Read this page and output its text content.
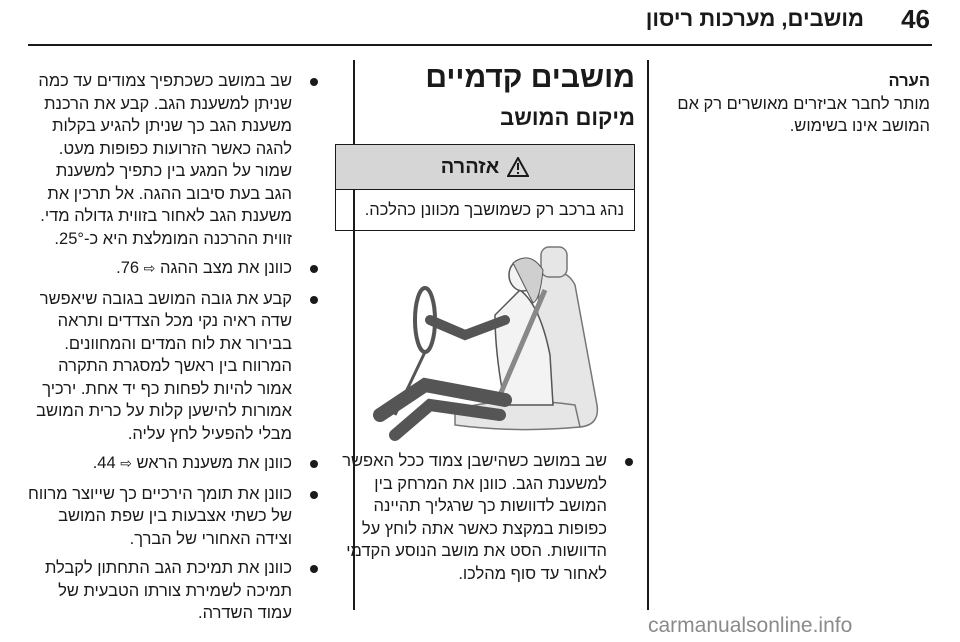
46
מושבים, מערכות ריסון
הערה
מותר לחבר אביזרים מאושרים רק אם המושב אינו בשימוש.
מושבים קדמיים
מיקום המושב
אזהרה
נהג ברכב רק כשמושבך מכוונן כהלכה.
שב במושב כשהישבן צמוד ככל האפשר למשענת הגב. כוונן את המרחק בין המושב לדוושות כך שרגליך תהיינה כפופות במקצת כאשר אתה לוחץ על הדוושות. הסט את מושב הנוסע הקדמי לאחור עד סוף מהלכו.
שב במושב כשכתפיך צמודים עד כמה שניתן למשענת הגב. קבע את הרכנת משענת הגב כך שניתן להגיע בקלות להגה כאשר הזרועות כפופות מעט. שמור על המגע בין כתפיך למשענת הגב בעת סיבוב ההגה. אל תרכין את משענת הגב לאחור בזווית גדולה מדי. זווית ההרכנה המומלצת היא כ-25°.
כוונן את מצב ההגה ⇨ 76.
קבע את גובה המושב בגובה שיאפשר שדה ראיה נקי מכל הצדדים ותראה בבירור את לוח המדים והמחוונים. המרווח בין ראשך למסגרת התקרה אמור להיות לפחות כף יד אחת. ירכיך אמורות להישען קלות על כרית המושב מבלי להפעיל לחץ עליה.
כוונן את משענת הראש ⇨ 44.
כוונן את תומך הירכיים כך שייוצר מרווח של כשתי אצבעות בין שפת המושב וצידה האחורי של הברך.
כוונן את תמיכת הגב התחתון לקבלת תמיכה לשמירת צורתו הטבעית של עמוד השדרה.
carmanualsonline.info
